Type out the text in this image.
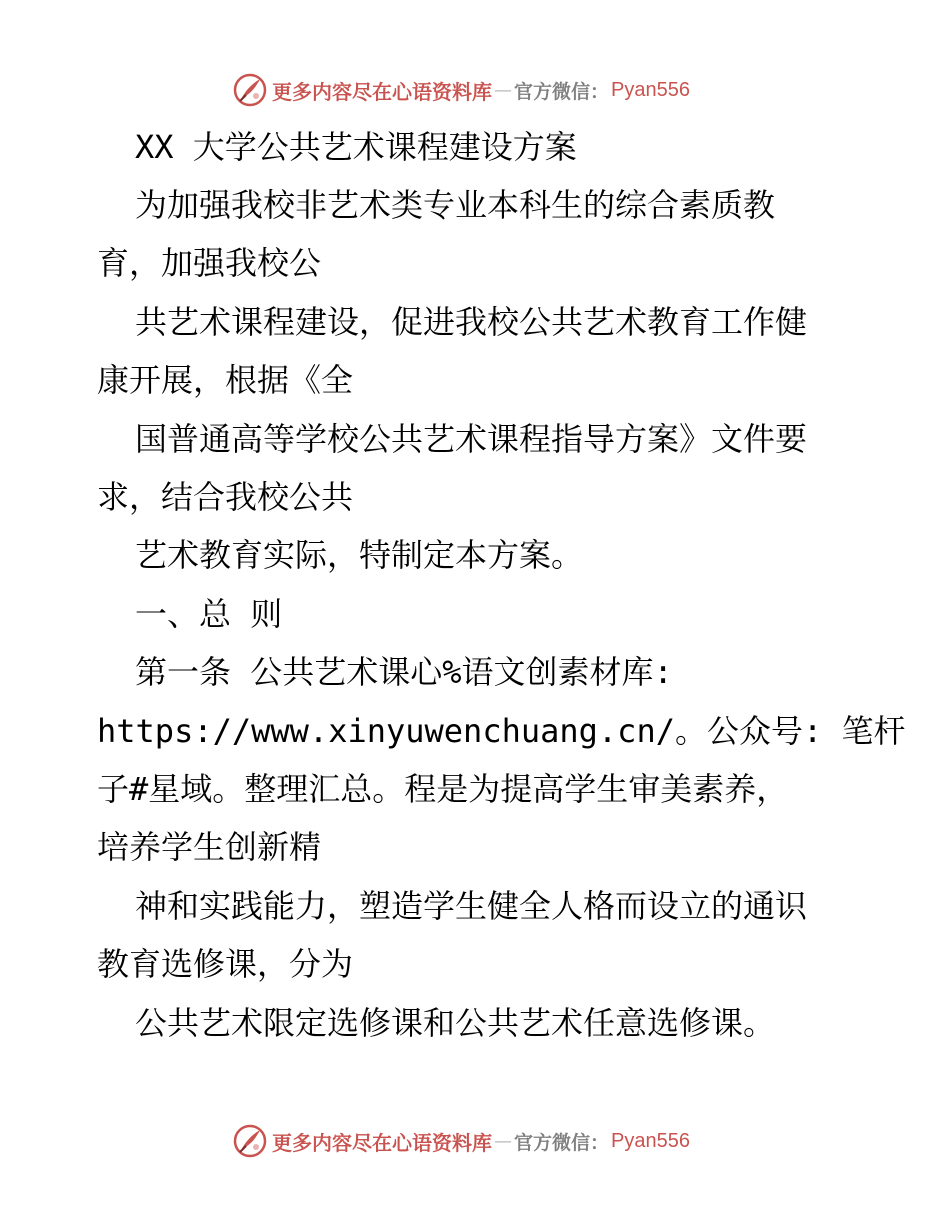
更多内容尽在心语资料库 — 官方微信： Pyan556
XX 大学公共艺术课程建设方案
为加强我校非艺术类专业本科生的综合素质教
育，加强我校公
共艺术课程建设，促进我校公共艺术教育工作健
康开展，根据《全
国普通高等学校公共艺术课程指导方案》文件要
求，结合我校公共
艺术教育实际，特制定本方案。
一、总 则
第一条 公共艺术课心%语文创素材库:
https://www.xinyuwenchuang.cn/。公众号: 笔杆
子#星域。整理汇总。程是为提高学生审美素养，
培养学生创新精
神和实践能力，塑造学生健全人格而设立的通识
教育选修课，分为
公共艺术限定选修课和公共艺术任意选修课。
更多内容尽在心语资料库 — 官方微信： Pyan556
